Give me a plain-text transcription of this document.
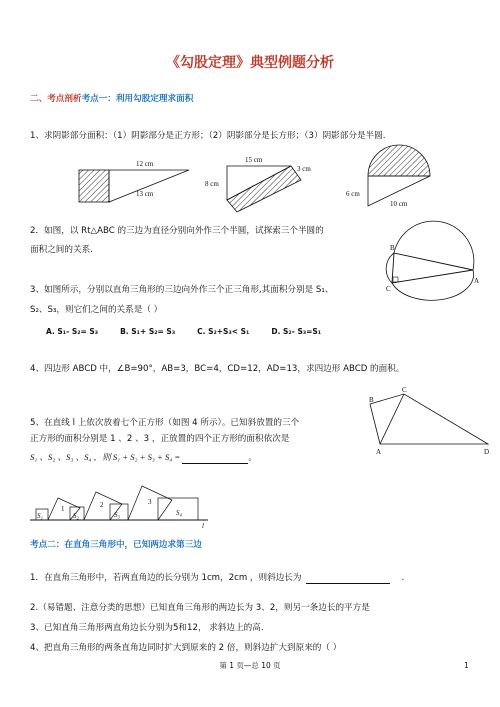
《勾股定理》典型例题分析
二、考点剖析考点一：利用勾股定理求面积
1、求阴影部分面积：（1）阴影部分是正方形；（2）阴影部分是长方形；（3）阴影部分是半圆.
12 cm
13 cm
15 cm
3 cm
8 cm
6 cm
10 cm
2．如图，以 Rt△ABC 的三边为直径分别向外作三个半圆，试探索三个半圆的
面积之间的关系.	B
C
A
3、如图所示，分别以直角三角形的三边向外作三个正三角形,其面积分别是 S₁、
S₂、S₃，则它们之间的关系是（ ）
A. S₁- S₂= S₃	B. S₁+ S₂= S₃	C. S₂+S₃< S₁	D. S₂- S₃=S₁
4、四边形 ABCD 中，∠B=90°，AB=3，BC=4，CD=12，AD=13，求四边形 ABCD 的面积。
A
B
C
D
5、在直线 l 上依次放着七个正方形（如图 4 所示）。已知斜放置的三个
正方形的面积分别是 1 、2 、3 ，正放置的四个正方形的面积依次是
S₁ 、S₂ 、S₃ 、S₄ ，则 S₁ + S₂ + S₃ + S₄ =	。
S₁
1	2
S₂	S₃
3
S₄
l
考点二：在直角三角形中，已知两边求第三边
1．在直角三角形中，若两直角边的长分别为 1cm，2cm ，则斜边长为	.
2.（易错题、注意分类的思想）已知直角三角形的两边长为 3、2，则另一条边长的平方是
3、已知直角三角形两直角边长分别为5和12， 求斜边上的高.
4、把直角三角形的两条直角边同时扩大到原来的 2 倍，则斜边扩大到原来的（ ）
第 1 页—总 10 页	1
